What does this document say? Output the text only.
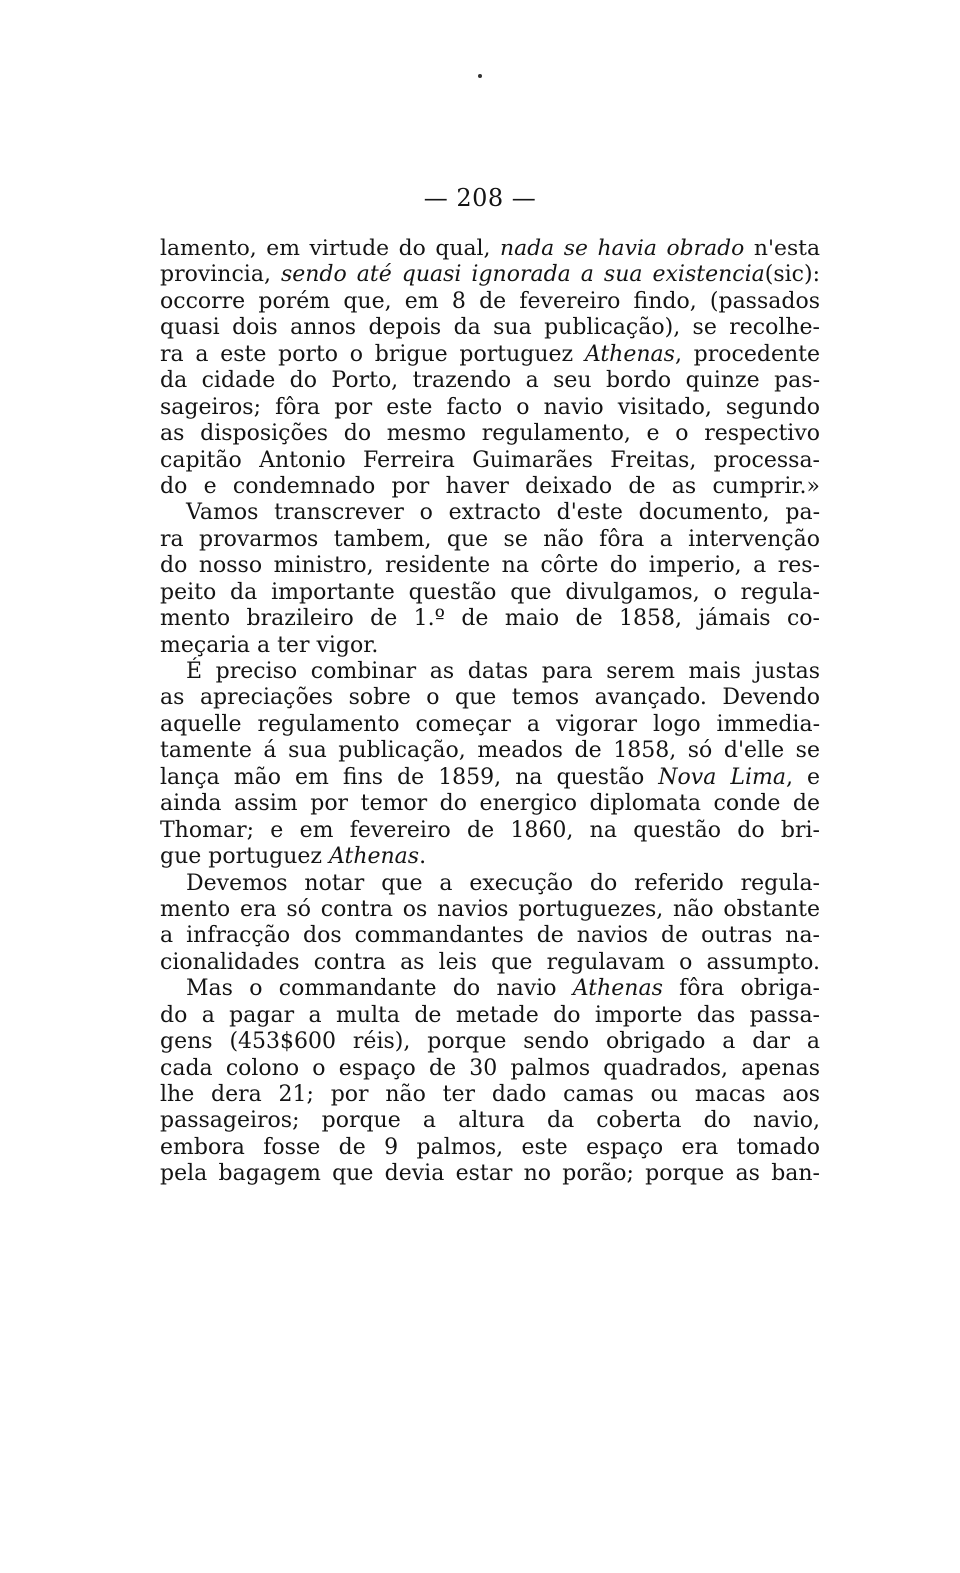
— 208 —
lamento, em virtude do qual, nada se havia obrado n'esta
provincia, sendo até quasi ignorada a sua existencia(sic):
occorre porém que, em 8 de fevereiro findo, (passados
quasi dois annos depois da sua publicação), se recolhe-
ra a este porto o brigue portuguez Athenas, procedente
da cidade do Porto, trazendo a seu bordo quinze pas-
sageiros; fôra por este facto o navio visitado, segundo
as disposições do mesmo regulamento, e o respectivo
capitão Antonio Ferreira Guimarães Freitas, processa-
do e condemnado por haver deixado de as cumprir.»
Vamos transcrever o extracto d'este documento, pa-
ra provarmos tambem, que se não fôra a intervenção
do nosso ministro, residente na côrte do imperio, a res-
peito da importante questão que divulgamos, o regula-
mento brazileiro de 1.º de maio de 1858, jámais co-
meçaria a ter vigor.
É preciso combinar as datas para serem mais justas
as apreciações sobre o que temos avançado. Devendo
aquelle regulamento começar a vigorar logo immedia-
tamente á sua publicação, meados de 1858, só d'elle se
lança mão em fins de 1859, na questão Nova Lima, e
ainda assim por temor do energico diplomata conde de
Thomar; e em fevereiro de 1860, na questão do bri-
gue portuguez Athenas.
Devemos notar que a execução do referido regula-
mento era só contra os navios portuguezes, não obstante
a infracção dos commandantes de navios de outras na-
cionalidades contra as leis que regulavam o assumpto.
Mas o commandante do navio Athenas fôra obriga-
do a pagar a multa de metade do importe das passa-
gens (453$600 réis), porque sendo obrigado a dar a
cada colono o espaço de 30 palmos quadrados, apenas
lhe dera 21; por não ter dado camas ou macas aos
passageiros; porque a altura da coberta do navio,
embora fosse de 9 palmos, este espaço era tomado
pela bagagem que devia estar no porão; porque as ban-
